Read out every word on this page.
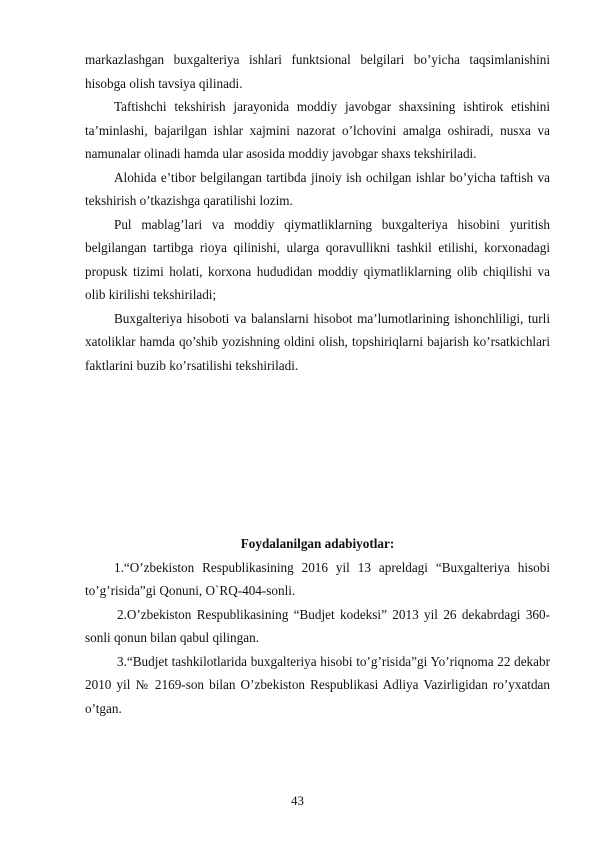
markazlashgan buxgalteriya ishlari funktsional belgilari bo’yicha taqsimlanishini hisobga olish tavsiya qilinadi.

Taftishchi tekshirish jarayonida moddiy javobgar shaxsining ishtirok etishini ta’minlashi, bajarilgan ishlar xajmini nazorat o’lchovini amalga oshiradi, nusxa va namunalar olinadi hamda ular asosida moddiy javobgar shaxs tekshiriladi.

Alohida e’tibor belgilangan tartibda jinoiy ish ochilgan ishlar bo’yicha taftish va tekshirish o’tkazishga qaratilishi lozim.

Pul mablag’lari va moddiy qiymatliklarning buxgalteriya hisobini yuritish belgilangan tartibga rioya qilinishi, ularga qoravullikni tashkil etilishi, korxonadagi propusk tizimi holati, korxona hududidan moddiy qiymatliklarning olib chiqilishi va olib kirilishi tekshiriladi;

Buxgalteriya hisoboti va balanslarni hisobot ma’lumotlarining ishonchliligi, turli xatoliklar hamda qo’shib yozishning oldini olish, topshiriqlarni bajarish ko’rsatkichlari faktlarini buzib ko’rsatilishi tekshiriladi.

Foydalanilgan adabiyotlar:

1.“O’zbekiston Respublikasining 2016 yil 13 apreldagi “Buxgalteriya hisobi to’g’risida”gi Qonuni, O`RQ-404-sonli.

2.O’zbekiston Respublikasining “Budjet kodeksi” 2013 yil 26 dekabrdagi 360-sonli qonun bilan qabul qilingan.

3.“Budjet tashkilotlarida buxgalteriya hisobi to’g’risida”gi Yo’riqnoma 22 dekabr 2010 yil № 2169-son bilan O’zbekiston Respublikasi Adliya Vazirligidan ro’yxatdan o’tgan.

43
